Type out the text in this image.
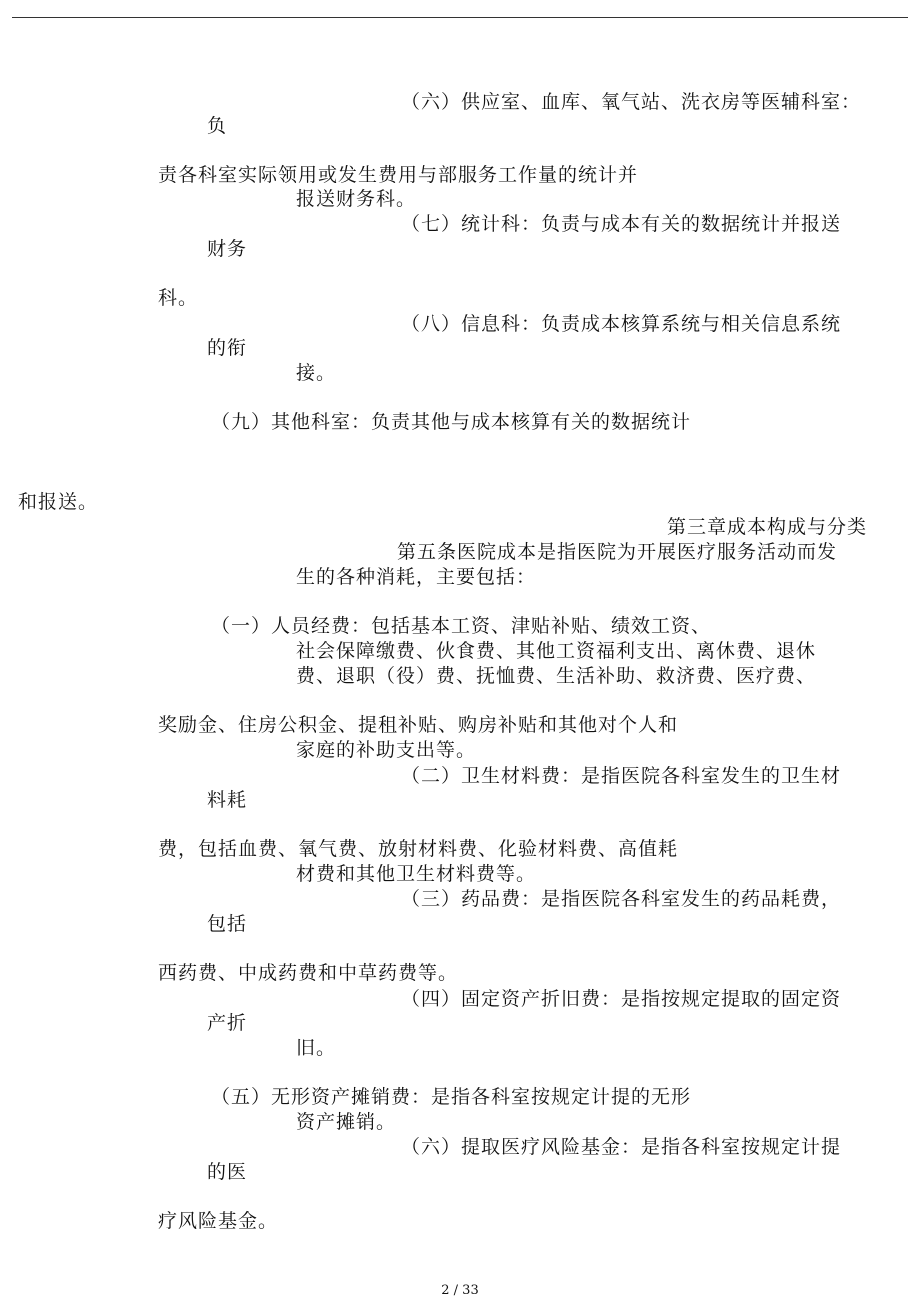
（六）供应室、血库、氧气站、洗衣房等医辅科室：
负
责各科室实际领用或发生费用与部服务工作量的统计并
报送财务科。
（七）统计科：负责与成本有关的数据统计并报送
财务
科。
（八）信息科：负责成本核算系统与相关信息系统
的衔
接。
（九）其他科室：负责其他与成本核算有关的数据统计
和报送。
第三章成本构成与分类
第五条医院成本是指医院为开展医疗服务活动而发
生的各种消耗，主要包括：
（一）人员经费：包括基本工资、津贴补贴、绩效工资、
社会保障缴费、伙食费、其他工资福利支出、离休费、退休
费、退职（役）费、抚恤费、生活补助、救济费、医疗费、
奖励金、住房公积金、提租补贴、购房补贴和其他对个人和
家庭的补助支出等。
（二）卫生材料费：是指医院各科室发生的卫生材
料耗
费，包括血费、氧气费、放射材料费、化验材料费、高值耗
材费和其他卫生材料费等。
（三）药品费：是指医院各科室发生的药品耗费，
包括
西药费、中成药费和中草药费等。
（四）固定资产折旧费：是指按规定提取的固定资
产折
旧。
（五）无形资产摊销费：是指各科室按规定计提的无形
资产摊销。
（六）提取医疗风险基金：是指各科室按规定计提
的医
疗风险基金。
2 / 33
